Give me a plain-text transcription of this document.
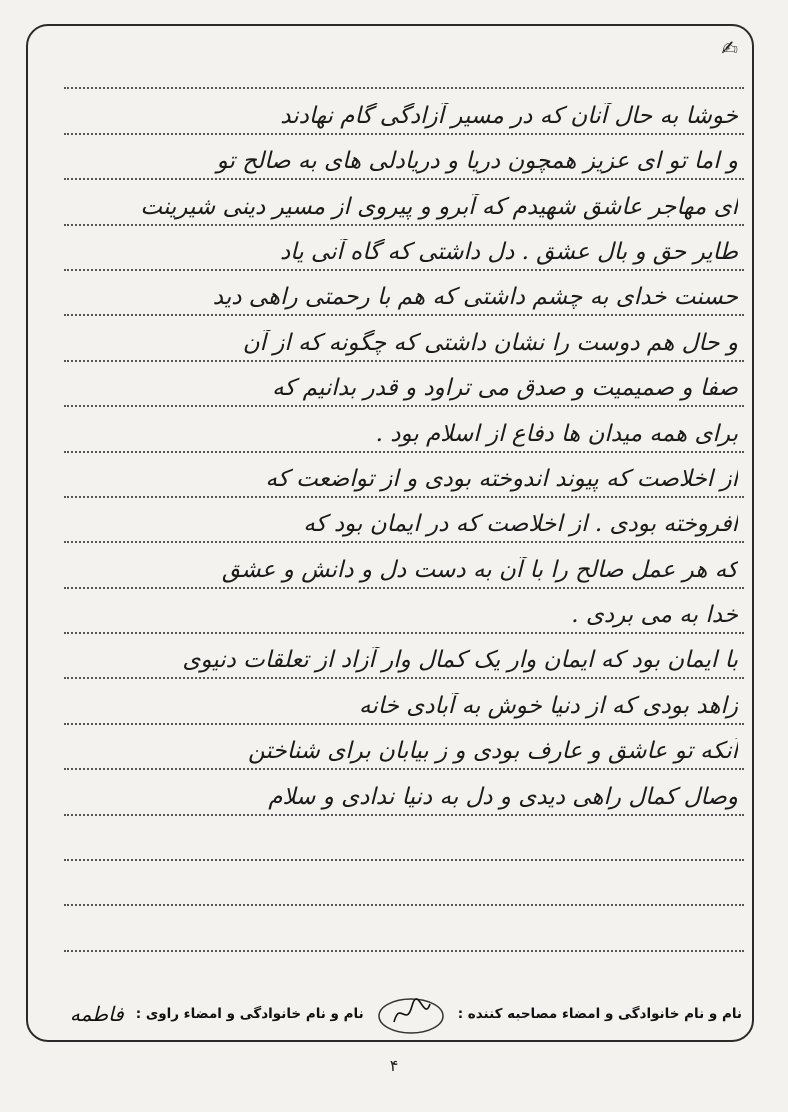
✍
خوشا به حال آنان که در مسیر آزادگی گام نهادند
و اما تو ای عزیز همچون دریا و دریادلی های به صالح تو
ای مهاجر عاشق شهیدم که آبرو و پیروی از مسیر دینی شیرینت
طایر حق و بال عشق . دل داشتی که گاه آنی یاد
حسنت خدای به چشم داشتی که هم با رحمتی راهی دید
و حال هم دوست را نشان داشتی که چگونه که از آن
صفا و صمیمیت و صدق می تراود و قدر بدانیم که
برای همه میدان ها دفاع از اسلام بود .
از اخلاصت که پیوند اندوخته بودی و از تواضعت که
افروخته بودی . از اخلاصت که در ایمان بود که
که هر عمل صالح را با آن به دست دل و دانش و عشق
خدا به می بردی .
با ایمان بود که ایمان وار یک کمال وار آزاد از تعلقات دنیوی
زاهد بودی که از دنیا خوش به آبادی خانه
آنکه تو عاشق و عارف بودی و ز بیابان برای شناختن
وصال کمال راهی دیدی و دل به دنیا ندادی و سلام
نام و نام خانوادگی و امضاء مصاحبه کننده :
نام و نام خانوادگی و امضاء راوی :
فاطمه
۴
